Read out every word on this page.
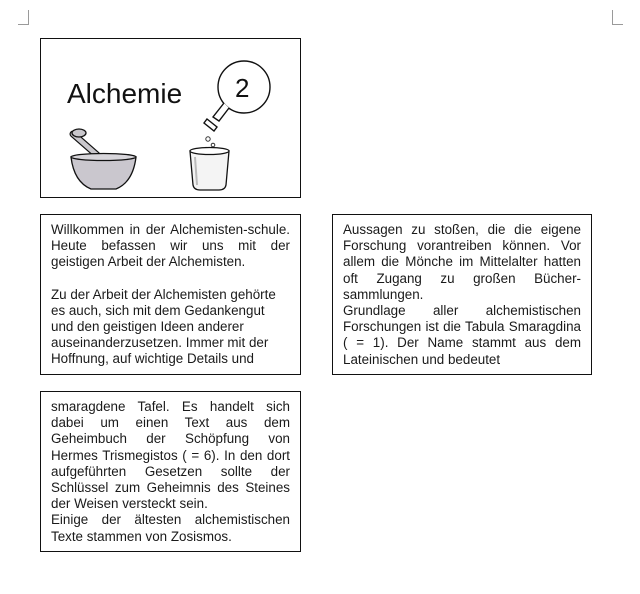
Alchemie 2

Willkommen in der Alchemisten-schule. Heute befassen wir uns mit der geistigen Arbeit der Alchemisten.

Zu der Arbeit der Alchemisten gehörte

es auch, sich mit dem Gedankengut

und den geistigen Ideen anderer

auseinanderzusetzen. Immer mit der

Hoffnung, auf wichtige Details und

Aussagen zu stoßen, die die eigene Forschung vorantreiben können. Vor allem die Mönche im Mittelalter hatten oft Zugang zu großen Bücher-sammlungen.

Grundlage aller alchemistischen Forschungen ist die Tabula Smaragdina ( = 1). Der Name stammt aus dem Lateinischen und bedeutet

smaragdene Tafel. Es handelt sich dabei um einen Text aus dem Geheimbuch der Schöpfung von Hermes Trismegistos ( = 6). In den dort aufgeführten Gesetzen sollte der Schlüssel zum Geheimnis des Steines der Weisen versteckt sein.

Einige der ältesten alchemistischen Texte stammen von Zosismos.
